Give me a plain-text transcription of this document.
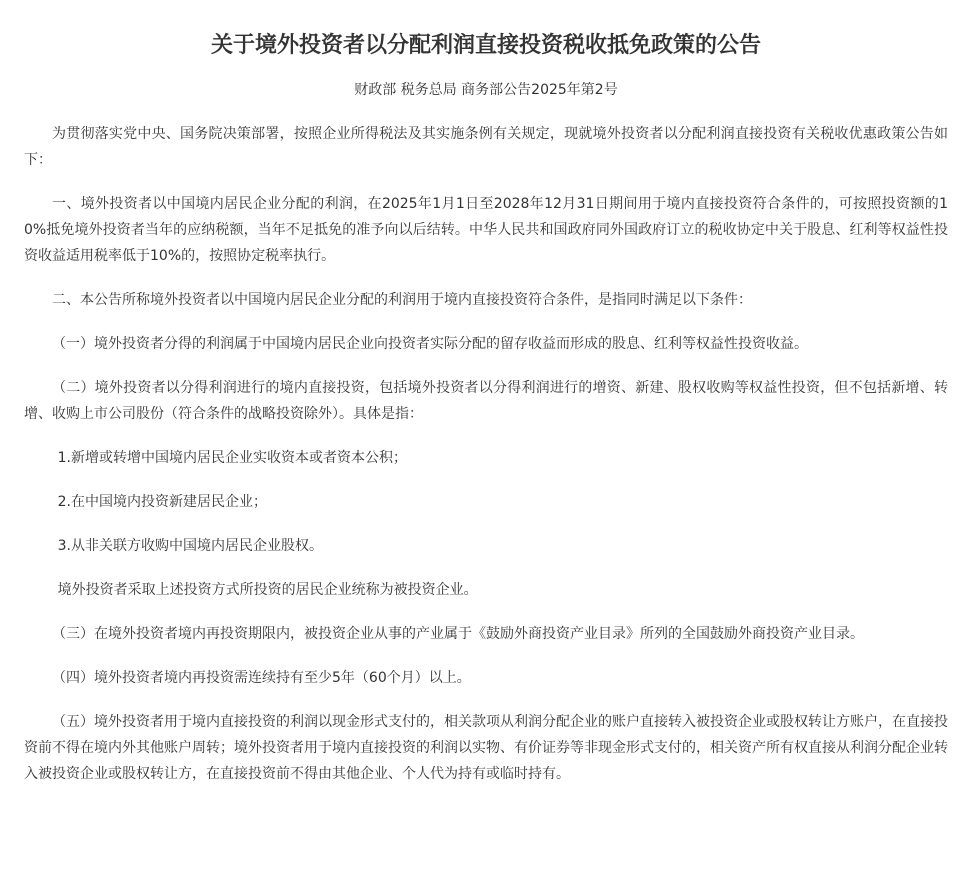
关于境外投资者以分配利润直接投资税收抵免政策的公告
财政部 税务总局 商务部公告2025年第2号

为贯彻落实党中央、国务院决策部署，按照企业所得税法及其实施条例有关规定，现就境外投资者以分配利润直接投资有关税收优惠政策公告如下：

一、境外投资者以中国境内居民企业分配的利润，在2025年1月1日至2028年12月31日期间用于境内直接投资符合条件的，可按照投资额的10%抵免境外投资者当年的应纳税额，当年不足抵免的准予向以后结转。中华人民共和国政府同外国政府订立的税收协定中关于股息、红利等权益性投资收益适用税率低于10%的，按照协定税率执行。

二、本公告所称境外投资者以中国境内居民企业分配的利润用于境内直接投资符合条件，是指同时满足以下条件：

（一）境外投资者分得的利润属于中国境内居民企业向投资者实际分配的留存收益而形成的股息、红利等权益性投资收益。

（二）境外投资者以分得利润进行的境内直接投资，包括境外投资者以分得利润进行的增资、新建、股权收购等权益性投资，但不包括新增、转增、收购上市公司股份（符合条件的战略投资除外）。具体是指：

1.新增或转增中国境内居民企业实收资本或者资本公积；

2.在中国境内投资新建居民企业；

3.从非关联方收购中国境内居民企业股权。

境外投资者采取上述投资方式所投资的居民企业统称为被投资企业。

（三）在境外投资者境内再投资期限内，被投资企业从事的产业属于《鼓励外商投资产业目录》所列的全国鼓励外商投资产业目录。

（四）境外投资者境内再投资需连续持有至少5年（60个月）以上。

（五）境外投资者用于境内直接投资的利润以现金形式支付的，相关款项从利润分配企业的账户直接转入被投资企业或股权转让方账户，在直接投资前不得在境内外其他账户周转；境外投资者用于境内直接投资的利润以实物、有价证券等非现金形式支付的，相关资产所有权直接从利润分配企业转入被投资企业或股权转让方，在直接投资前不得由其他企业、个人代为持有或临时持有。
